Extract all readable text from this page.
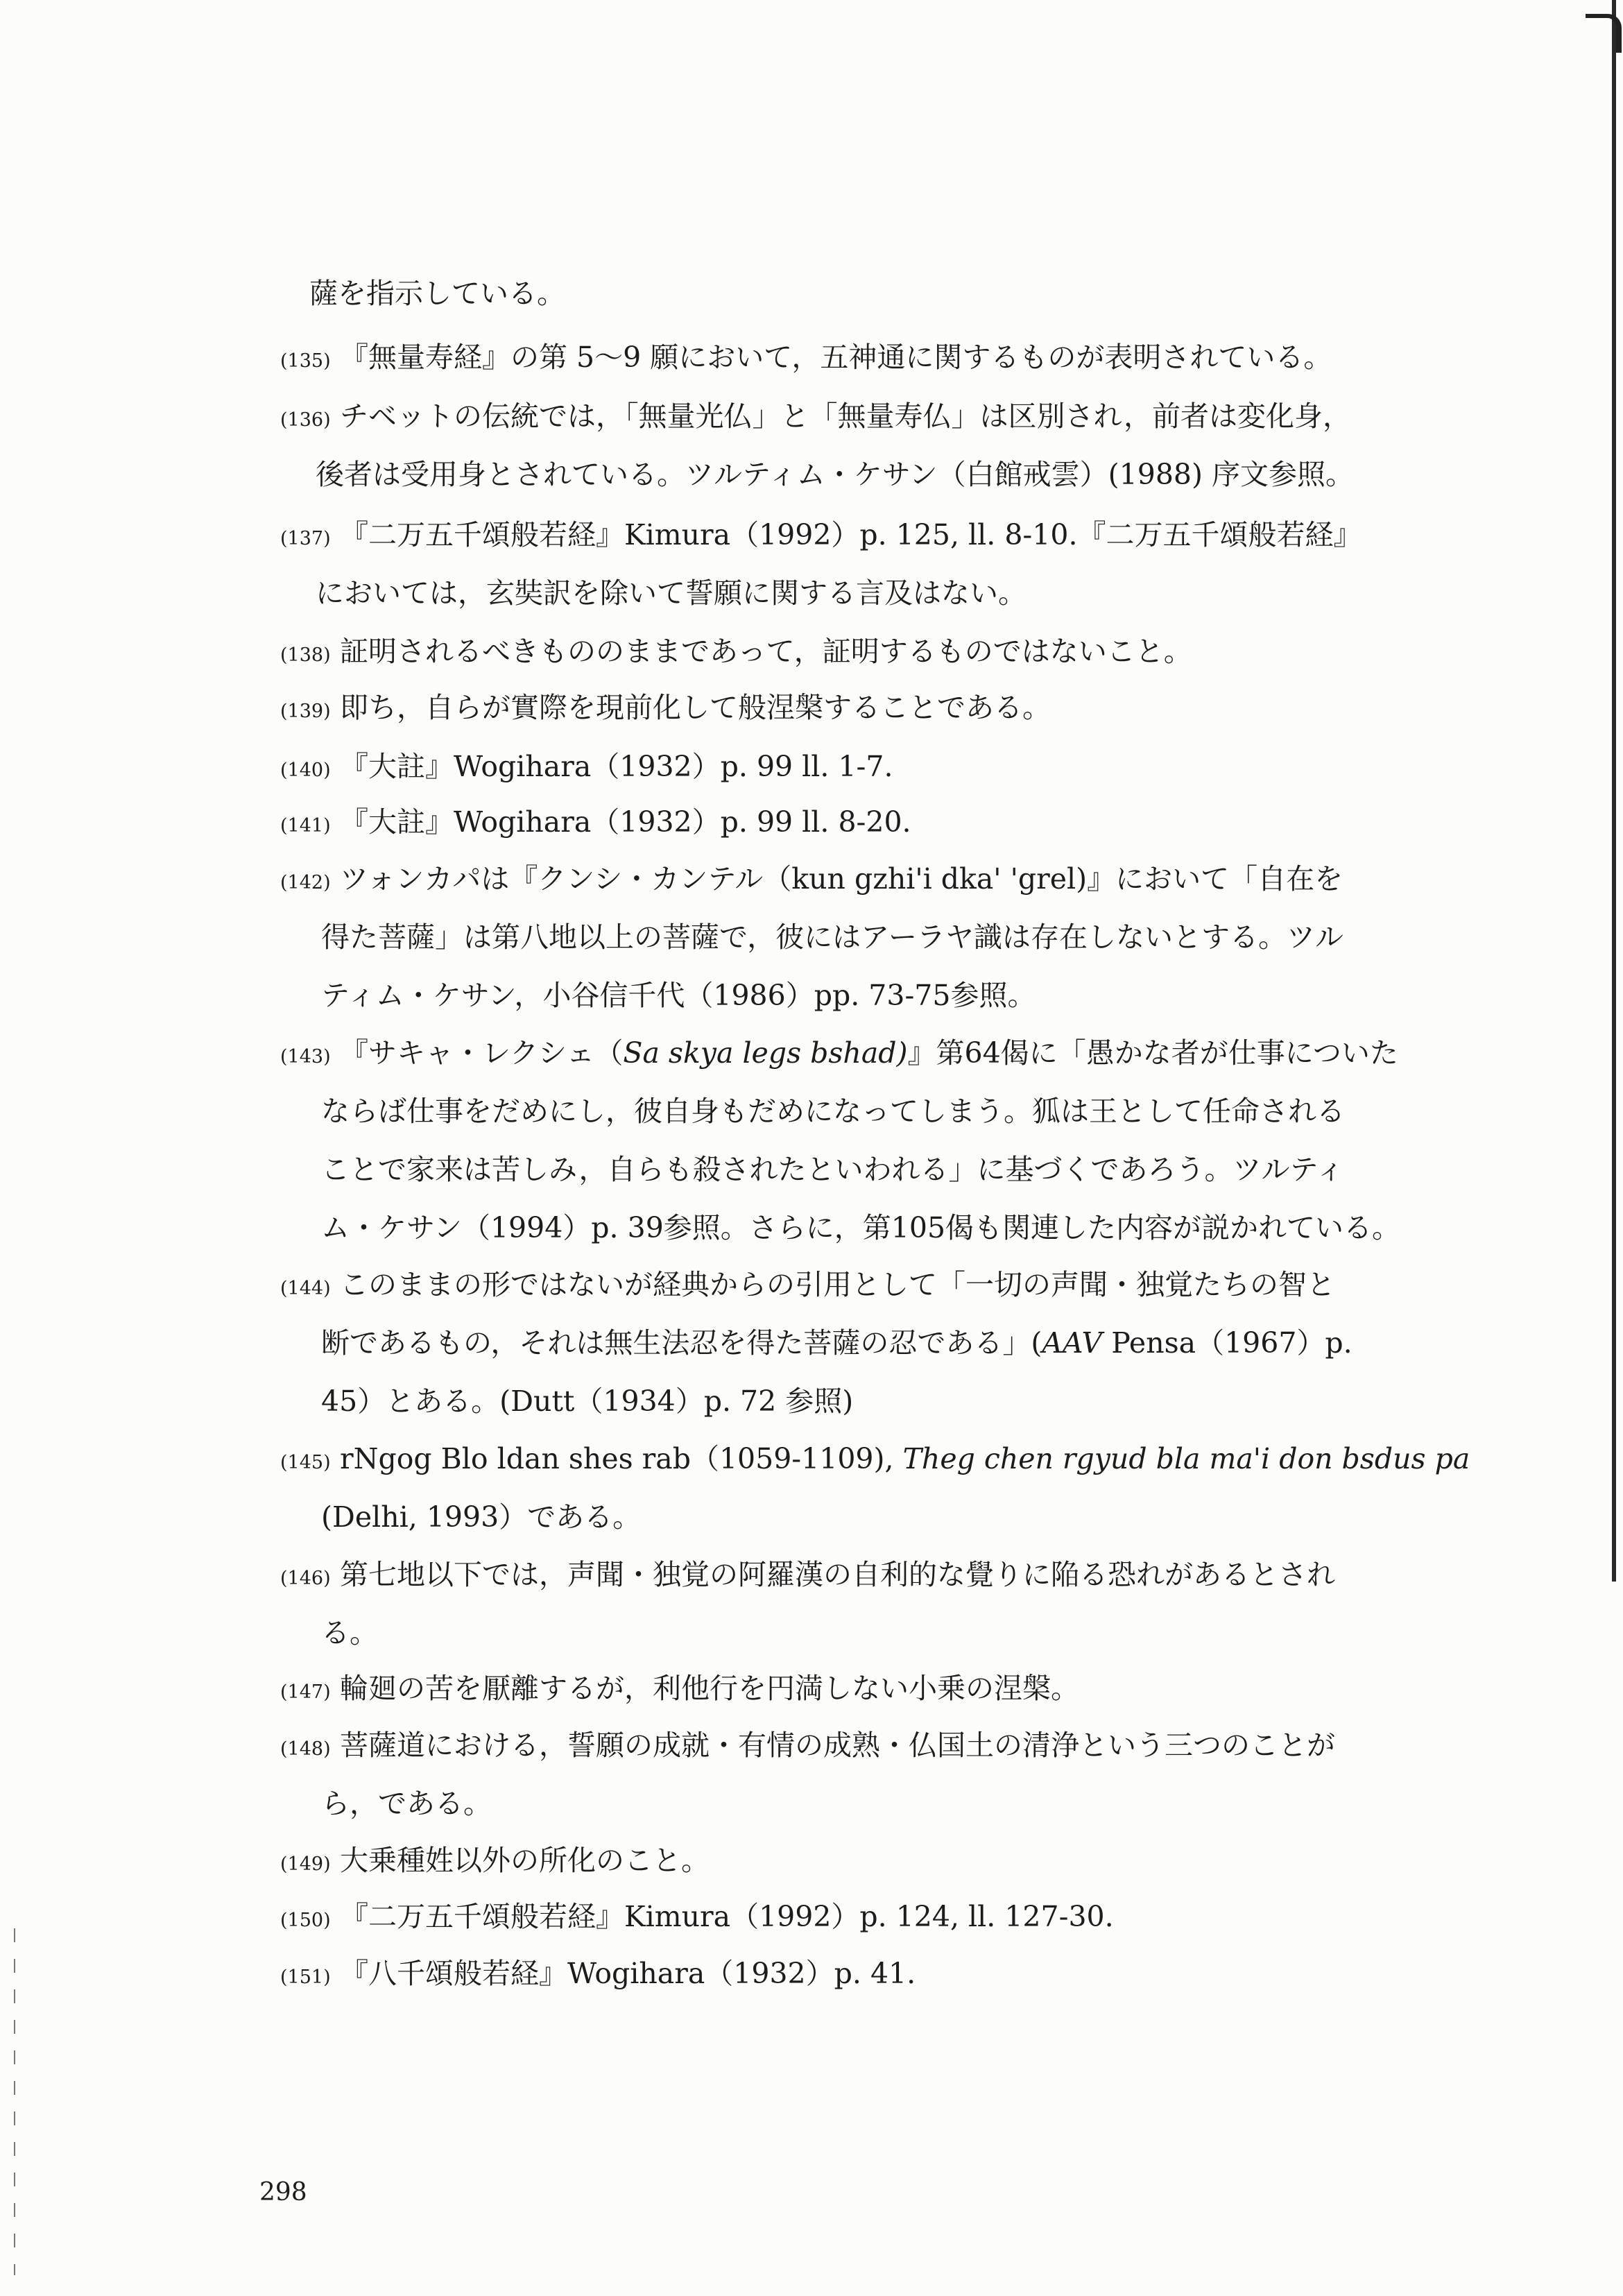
薩を指示している。
(135) 『無量寿経』の第 5～9 願において，五神通に関するものが表明されている。
(136) チベットの伝統では，「無量光仏」と「無量寿仏」は区別され，前者は変化身，
後者は受用身とされている。ツルティム・ケサン（白館戒雲）(1988) 序文参照。
(137) 『二万五千頌般若経』Kimura（1992）p. 125, ll. 8-10.『二万五千頌般若経』
においては，玄奘訳を除いて誓願に関する言及はない。
(138) 証明されるべきもののままであって，証明するものではないこと。
(139) 即ち，自らが實際を現前化して般涅槃することである。
(140) 『大註』Wogihara（1932）p. 99 ll. 1-7.
(141) 『大註』Wogihara（1932）p. 99 ll. 8-20.
(142) ツォンカパは『クンシ・カンテル（kun gzhi'i dka' 'grel)』において「自在を
得た菩薩」は第八地以上の菩薩で，彼にはアーラヤ識は存在しないとする。ツル
ティム・ケサン，小谷信千代（1986）pp. 73-75参照。
(143) 『サキャ・レクシェ（Sa skya legs bshad)』第64偈に「愚かな者が仕事についた
ならば仕事をだめにし，彼自身もだめになってしまう。狐は王として任命される
ことで家来は苦しみ，自らも殺されたといわれる」に基づくであろう。ツルティ
ム・ケサン（1994）p. 39参照。さらに，第105偈も関連した内容が説かれている。
(144) このままの形ではないが経典からの引用として「一切の声聞・独覚たちの智と
断であるもの，それは無生法忍を得た菩薩の忍である」(AAV Pensa（1967）p.
45）とある。(Dutt（1934）p. 72 参照)
(145) rNgog Blo ldan shes rab（1059-1109), Theg chen rgyud bla ma'i don bsdus pa
(Delhi, 1993）である。
(146) 第七地以下では，声聞・独覚の阿羅漢の自利的な覺りに陥る恐れがあるとされ
る。
(147) 輪廻の苦を厭離するが，利他行を円満しない小乗の涅槃。
(148) 菩薩道における，誓願の成就・有情の成熟・仏国土の清浄という三つのことが
ら，である。
(149) 大乗種姓以外の所化のこと。
(150) 『二万五千頌般若経』Kimura（1992）p. 124, ll. 127-30.
(151) 『八千頌般若経』Wogihara（1932）p. 41.
298
